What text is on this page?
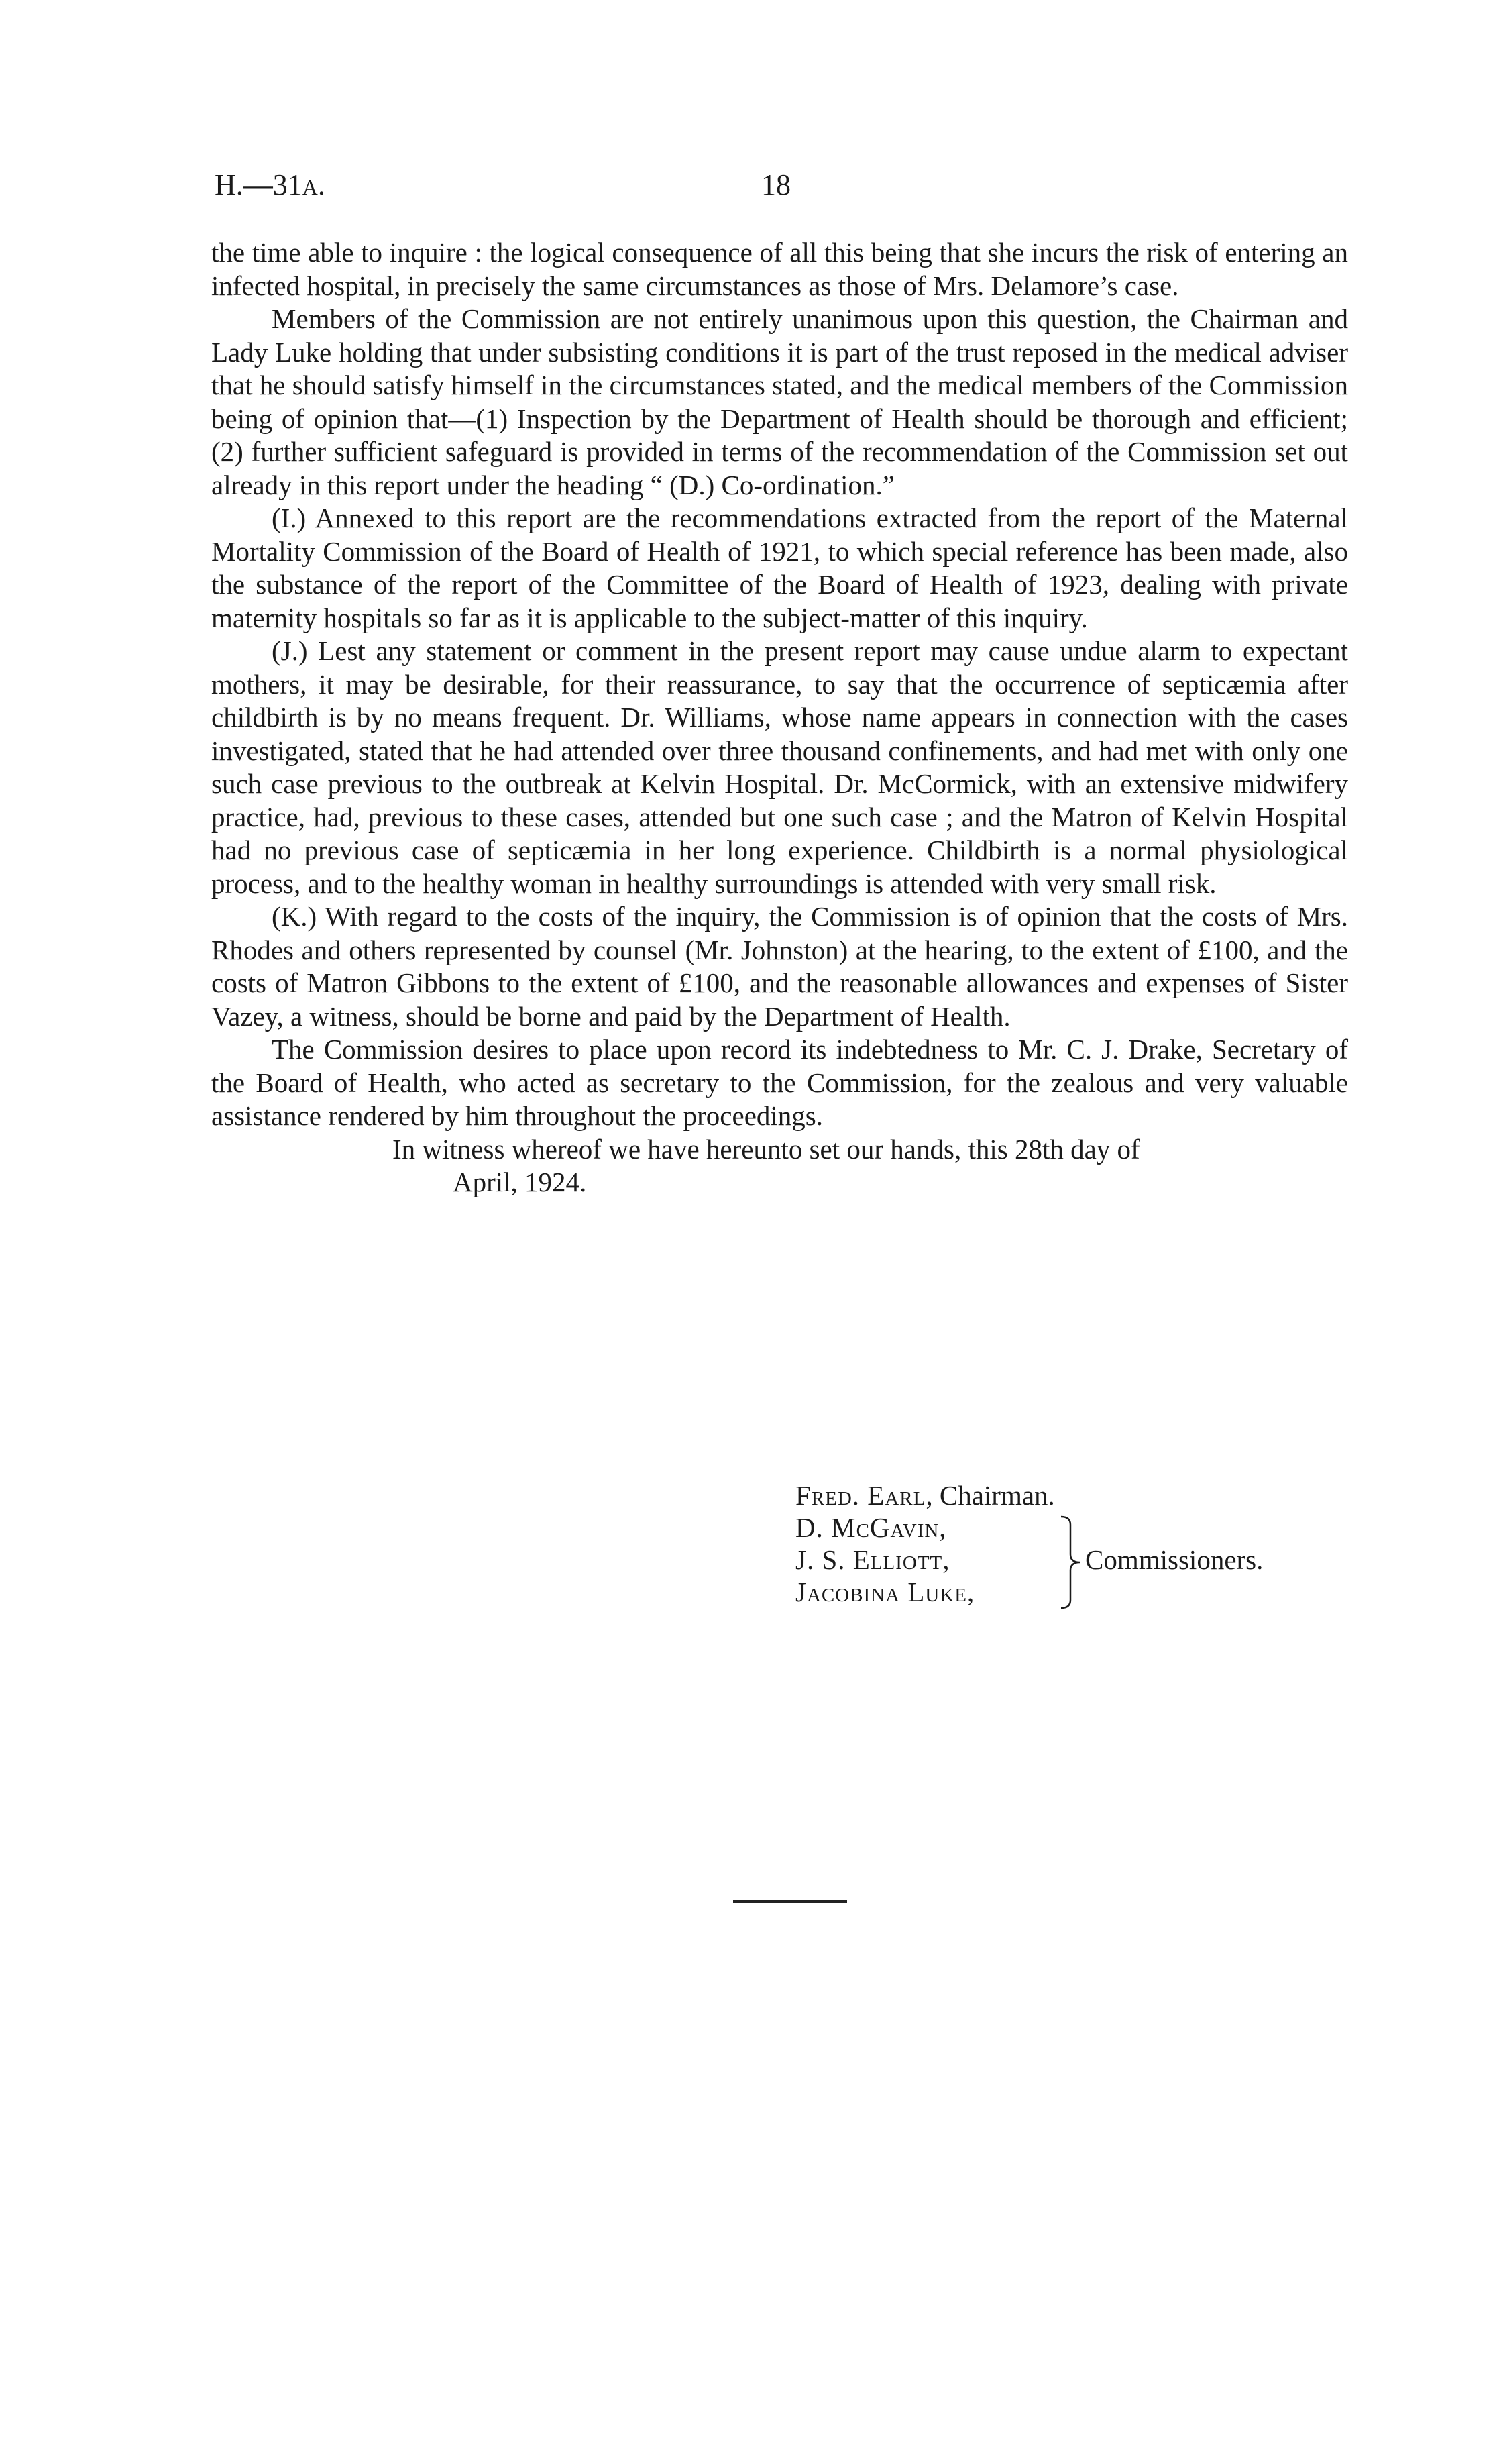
H.—31A.	18

the time able to inquire : the logical consequence of all this being that she incurs the risk of entering an infected hospital, in precisely the same circumstances as those of Mrs. Delamore’s case.

Members of the Commission are not entirely unanimous upon this question, the Chairman and Lady Luke holding that under subsisting conditions it is part of the trust reposed in the medical adviser that he should satisfy himself in the circumstances stated, and the medical members of the Commission being of opinion that—(1) Inspection by the Department of Health should be thorough and efficient; (2) further sufficient safeguard is provided in terms of the recommendation of the Commission set out already in this report under the heading “ (D.) Co-ordination.”

(I.) Annexed to this report are the recommendations extracted from the report of the Maternal Mortality Commission of the Board of Health of 1921, to which special reference has been made, also the substance of the report of the Committee of the Board of Health of 1923, dealing with private maternity hospitals so far as it is applicable to the subject-matter of this inquiry.

(J.) Lest any statement or comment in the present report may cause undue alarm to expectant mothers, it may be desirable, for their reassurance, to say that the occurrence of septicæmia after childbirth is by no means frequent. Dr. Williams, whose name appears in connection with the cases investigated, stated that he had attended over three thousand confinements, and had met with only one such case previous to the outbreak at Kelvin Hospital. Dr. McCormick, with an extensive midwifery practice, had, previous to these cases, attended but one such case ; and the Matron of Kelvin Hospital had no previous case of septicæmia in her long experience. Childbirth is a normal physiological process, and to the healthy woman in healthy surroundings is attended with very small risk.

(K.) With regard to the costs of the inquiry, the Commission is of opinion that the costs of Mrs. Rhodes and others represented by counsel (Mr. Johnston) at the hearing, to the extent of £100, and the costs of Matron Gibbons to the extent of £100, and the reasonable allowances and expenses of Sister Vazey, a witness, should be borne and paid by the Department of Health.

The Commission desires to place upon record its indebtedness to Mr. C. J. Drake, Secretary of the Board of Health, who acted as secretary to the Commission, for the zealous and very valuable assistance rendered by him throughout the proceedings.

In witness whereof we have hereunto set our hands, this 28th day of
April, 1924.

Fred. Earl, Chairman.
D. McGavin,
J. S. Elliott,
Jacobina Luke,
Commissioners.
